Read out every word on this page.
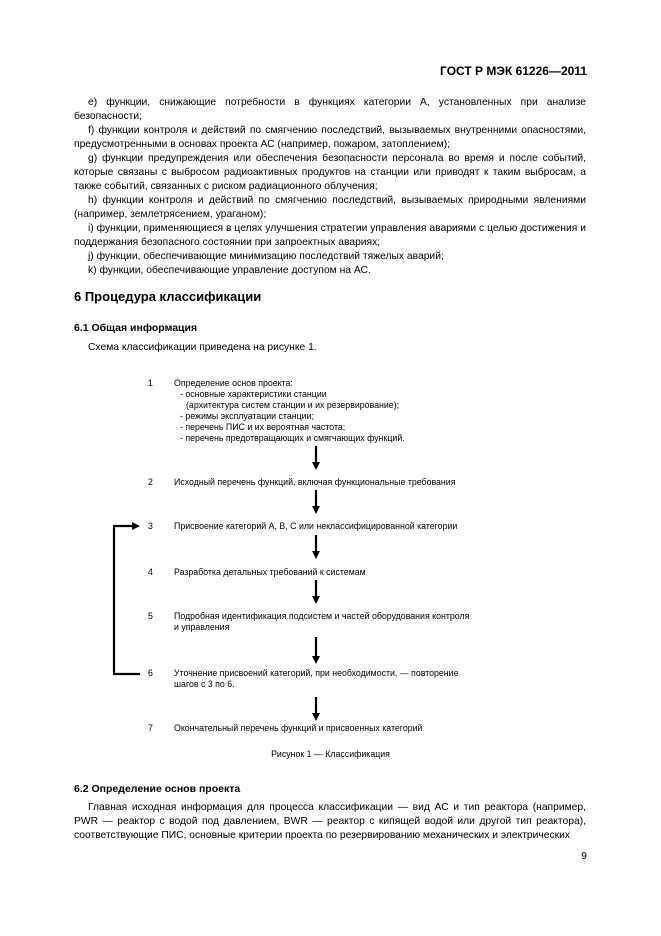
ГОСТ Р МЭК 61226—2011
е) функции, снижающие потребности в функциях категории А, установленных при анализе безопасности;
f) функции контроля и действий по смягчению последствий, вызываемых внутренними опасностями, предусмотренными в основах проекта АС (например, пожаром, затоплением);
g) функции предупреждения или обеспечения безопасности персонала во время и после событий, которые связаны с выбросом радиоактивных продуктов на станции или приводят к таким выбросам, а также событий, связанных с риском радиационного облучения;
h) функции контроля и действий по смягчению последствий, вызываемых природными явлениями (например, землетрясением, ураганом);
i) функции, применяющиеся в целях улучшения стратегии управления авариями с целью достижения и поддержания безопасного состоянии при запроектных авариях;
j) функции, обеспечивающие минимизацию последствий тяжелых аварий;
k) функции, обеспечивающие управление доступом на АС.
6 Процедура классификации
6.1 Общая информация
Схема классификации приведена на рисунке 1.
1 Определение основ проекта:
- основные характеристики станции
(архитектура систем станции и их резервирование);
- режимы эксплуатации станции;
- перечень ПИС и их вероятная частота;
- перечень предотвращающих и смягчающих функций.
2 Исходный перечень функций, включая функциональные требования
3 Присвоение категорий А, В, С или неклассифицированной категории
4 Разработка детальных требований к системам
5 Подробная идентификация подсистем и частей оборудования контроля
и управления
6 Уточнение присвоений категорий, при необходимости, — повторение
шагов с 3 по 6.
7 Окончательный перечень функций и присвоенных категорий
Рисунок 1 — Классификация
6.2 Определение основ проекта
Главная исходная информация для процесса классификации — вид АС и тип реактора (например, PWR — реактор с водой под давлением, BWR — реактор с кипящей водой или другой тип реактора), соответствующие ПИС, основные критерии проекта по резервированию механических и электрических
9
